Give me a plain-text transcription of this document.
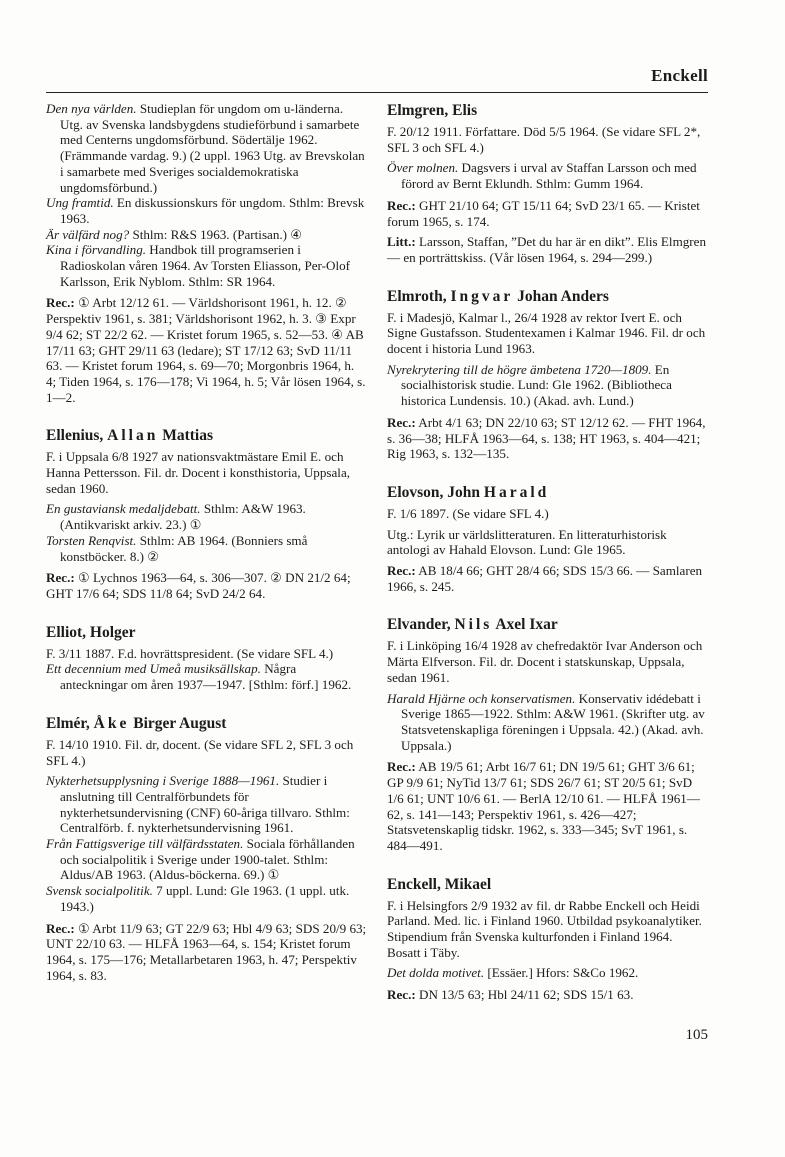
Enckell
Den nya världen. Studieplan för ungdom om u-länderna. Utg. av Svenska landsbygdens studieförbund i samarbete med Centerns ungdomsförbund. Södertälje 1962. (Främmande vardag. 9.) (2 uppl. 1963 Utg. av Brevskolan i samarbete med Sveriges socialdemokratiska ungdomsförbund.)
Ung framtid. En diskussionskurs för ungdom. Sthlm: Brevsk 1963.
Är välfärd nog? Sthlm: R&S 1963. (Partisan.) ④
Kina i förvandling. Handbok till programserien i Radioskolan våren 1964. Av Torsten Eliasson, Per-Olof Karlsson, Erik Nyblom. Sthlm: SR 1964.

Rec.: ① Arbt 12/12 61. — Världshorisont 1961, h. 12. ② Perspektiv 1961, s. 381; Världshorisont 1962, h. 3. ③ Expr 9/4 62; ST 22/2 62. — Kristet forum 1965, s. 52—53. ④ AB 17/11 63; GHT 29/11 63 (ledare); ST 17/12 63; SvD 11/11 63. — Kristet forum 1964, s. 69—70; Morgonbris 1964, h. 4; Tiden 1964, s. 176—178; Vi 1964, h. 5; Vår lösen 1964, s. 1—2.

Ellenius, Allan Mattias

F. i Uppsala 6/8 1927 av nationsvaktmästare Emil E. och Hanna Pettersson. Fil. dr. Docent i konsthistoria, Uppsala, sedan 1960.

En gustaviansk medaljdebatt. Sthlm: A&W 1963. (Antikvariskt arkiv. 23.) ①
Torsten Renqvist. Sthlm: AB 1964. (Bonniers små konstböcker. 8.) ②

Rec.: ① Lychnos 1963—64, s. 306—307. ② DN 21/2 64; GHT 17/6 64; SDS 11/8 64; SvD 24/2 64.

Elliot, Holger

F. 3/11 1887. F.d. hovrättspresident. (Se vidare SFL 4.)

Ett decennium med Umeå musiksällskap. Några anteckningar om åren 1937—1947. [Sthlm: förf.] 1962.
Elmér, Åke Birger August

F. 14/10 1910. Fil. dr, docent. (Se vidare SFL 2, SFL 3 och SFL 4.)

Nykterhetsupplysning i Sverige 1888—1961. Studier i anslutning till Centralförbundets för nykterhetsundervisning (CNF) 60-åriga tillvaro. Sthlm: Centralförb. f. nykterhetsundervisning 1961.
Från Fattigsverige till välfärdsstaten. Sociala förhållanden och socialpolitik i Sverige under 1900-talet. Sthlm: Aldus/AB 1963. (Aldus-böckerna. 69.) ①
Svensk socialpolitik. 7 uppl. Lund: Gle 1963. (1 uppl. utk. 1943.)

Rec.: ① Arbt 11/9 63; GT 22/9 63; Hbl 4/9 63; SDS 20/9 63; UNT 22/10 63. — HLFÅ 1963—64, s. 154; Kristet forum 1964, s. 175—176; Metallarbetaren 1963, h. 47; Perspektiv 1964, s. 83.

Elmgren, Elis

F. 20/12 1911. Författare. Död 5/5 1964. (Se vidare SFL 2*, SFL 3 och SFL 4.)

Över molnen. Dagsvers i urval av Staffan Larsson och med förord av Bernt Eklundh. Sthlm: Gumm 1964.

Rec.: GHT 21/10 64; GT 15/11 64; SvD 23/1 65. — Kristet forum 1965, s. 174.

Litt.: Larsson, Staffan, ”Det du har är en dikt”. Elis Elmgren — en porträttskiss. (Vår lösen 1964, s. 294—299.)

Elmroth, Ingvar Johan Anders

F. i Madesjö, Kalmar l., 26/4 1928 av rektor Ivert E. och Signe Gustafsson. Studentexamen i Kalmar 1946. Fil. dr och docent i historia Lund 1963.

Nyrekrytering till de högre ämbetena 1720—1809. En socialhistorisk studie. Lund: Gle 1962. (Bibliotheca historica Lundensis. 10.) (Akad. avh. Lund.)

Rec.: Arbt 4/1 63; DN 22/10 63; ST 12/12 62. — FHT 1964, s. 36—38; HLFÅ 1963—64, s. 138; HT 1963, s. 404—421; Rig 1963, s. 132—135.

Elovson, John Harald

F. 1/6 1897. (Se vidare SFL 4.)

Utg.: Lyrik ur världslitteraturen. En litteraturhistorisk antologi av Hahald Elovson. Lund: Gle 1965.

Rec.: AB 18/4 66; GHT 28/4 66; SDS 15/3 66. — Samlaren 1966, s. 245.

Elvander, Nils Axel Ixar

F. i Linköping 16/4 1928 av chefredaktör Ivar Anderson och Märta Elfverson. Fil. dr. Docent i statskunskap, Uppsala, sedan 1961.

Harald Hjärne och konservatismen. Konservativ idédebatt i Sverige 1865—1922. Sthlm: A&W 1961. (Skrifter utg. av Statsvetenskapliga föreningen i Uppsala. 42.) (Akad. avh. Uppsala.)

Rec.: AB 19/5 61; Arbt 16/7 61; DN 19/5 61; GHT 3/6 61; GP 9/9 61; NyTid 13/7 61; SDS 26/7 61; ST 20/5 61; SvD 1/6 61; UNT 10/6 61. — BerlA 12/10 61. — HLFÅ 1961—62, s. 141—143; Perspektiv 1961, s. 426—427; Statsvetenskaplig tidskr. 1962, s. 333—345; SvT 1961, s. 484—491.

Enckell, Mikael

F. i Helsingfors 2/9 1932 av fil. dr Rabbe Enckell och Heidi Parland. Med. lic. i Finland 1960. Utbildad psykoanalytiker. Stipendium från Svenska kulturfonden i Finland 1964. Bosatt i Täby.

Det dolda motivet. [Essäer.] Hfors: S&Co 1962.

Rec.: DN 13/5 63; Hbl 24/11 62; SDS 15/1 63.

105
